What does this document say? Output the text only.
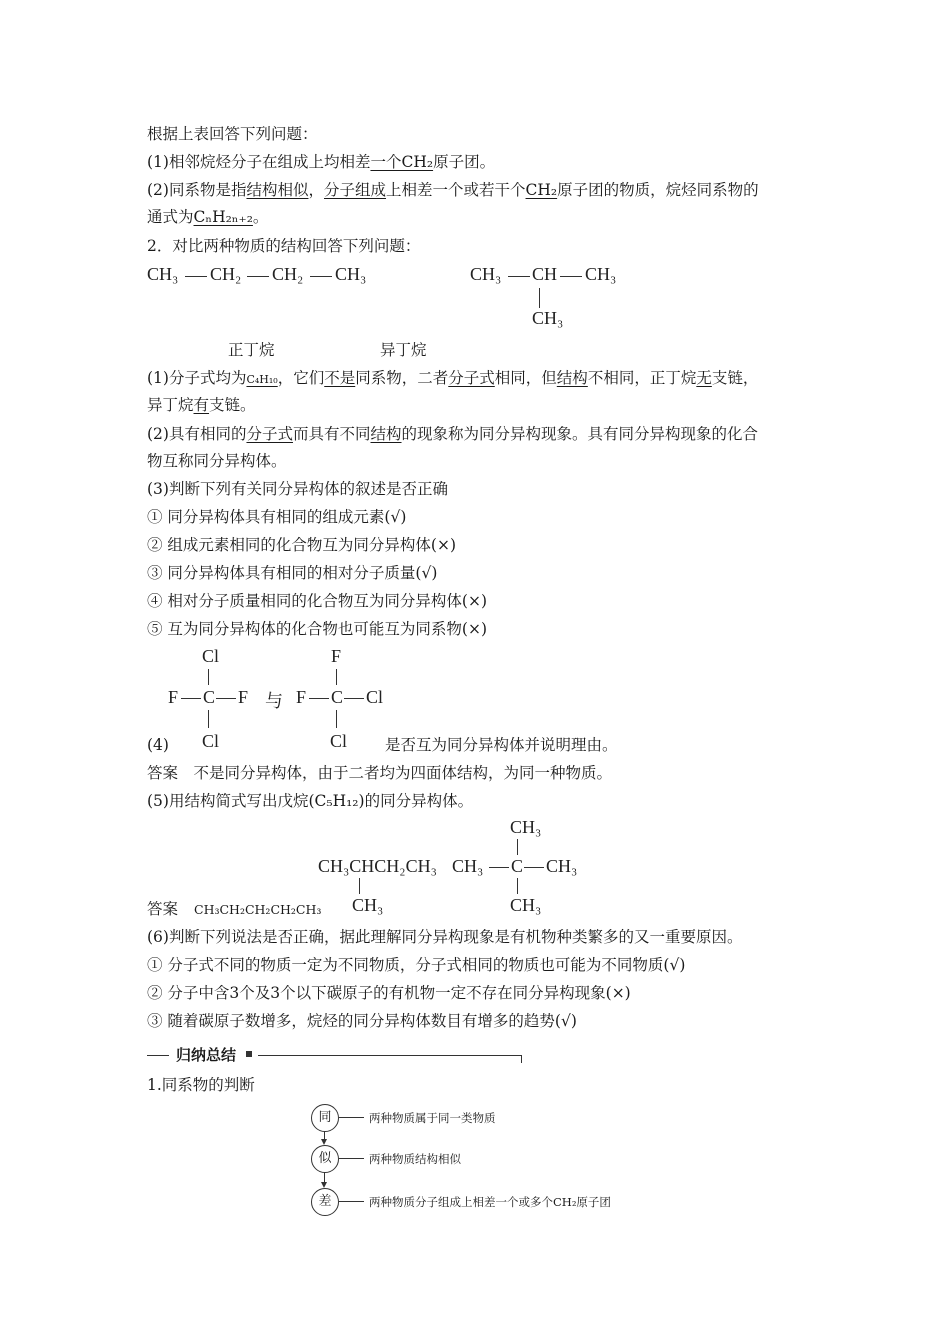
根据上表回答下列问题：
(1)相邻烷烃分子在组成上均相差一个CH₂原子团。
(2)同系物是指结构相似，分子组成上相差一个或若干个CH₂原子团的物质，烷烃同系物的
通式为CₙH₂ₙ₊₂。
2．对比两种物质的结构回答下列问题：
CH₃ CH₂ CH₂ CH₃	CH₃ CH CH₃
CH₃
正丁烷	异丁烷
(1)分子式均为C₄H₁₀，它们不是同系物，二者分子式相同，但结构不相同，正丁烷无支链，
异丁烷有支链。
(2)具有相同的分子式而具有不同结构的现象称为同分异构现象。具有同分异构现象的化合
物互称同分异构体。
(3)判断下列有关同分异构体的叙述是否正确
① 同分异构体具有相同的组成元素(√)
② 组成元素相同的化合物互为同分异构体(×)
③ 同分异构体具有相同的相对分子质量(√)
④ 相对分子质量相同的化合物互为同分异构体(×)
⑤ 互为同分异构体的化合物也可能互为同系物(×)
Cl
F C F
Cl
与
F
F C Cl
Cl
(4)	是否互为同分异构体并说明理由。
答案　不是同分异构体，由于二者均为四面体结构，为同一种物质。
(5)用结构简式写出戊烷(C₅H₁₂)的同分异构体。
CH₃CHCH₂CH₃
CH₃
CH₃
CH₃ C CH₃
CH₃
答案 CH₃CH₂CH₂CH₂CH₃
(6)判断下列说法是否正确，据此理解同分异构现象是有机物种类繁多的又一重要原因。
① 分子式不同的物质一定为不同物质，分子式相同的物质也可能为不同物质(√)
② 分子中含3个及3个以下碳原子的有机物一定不存在同分异构现象(×)
③ 随着碳原子数增多，烷烃的同分异构体数目有增多的趋势(√)
归纳总结
1.同系物的判断
同	两种物质属于同一类物质
似	两种物质结构相似
差	两种物质分子组成上相差一个或多个CH₂原子团
